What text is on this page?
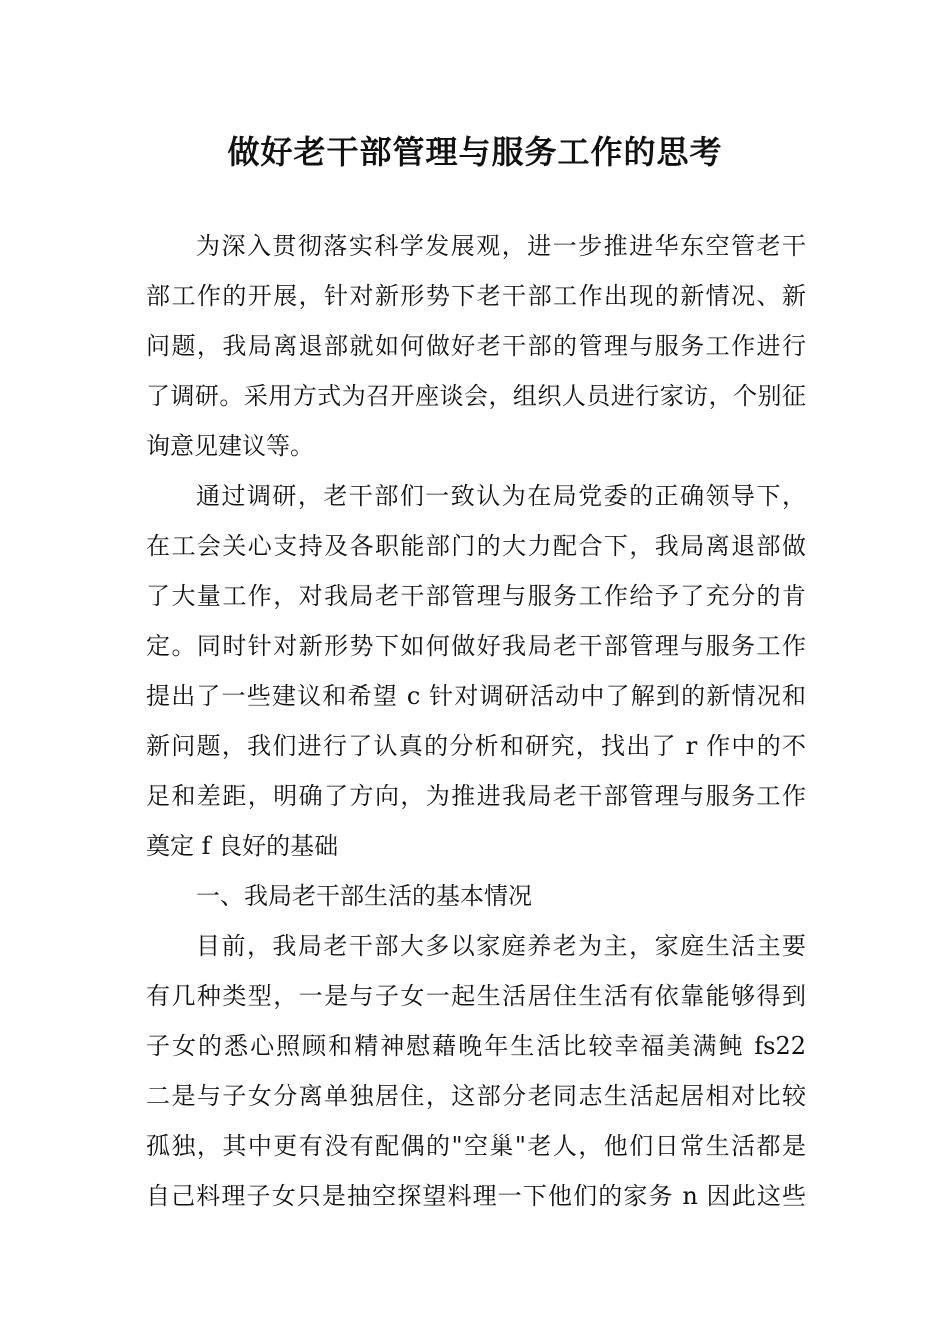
做好老干部管理与服务工作的思考
为深入贯彻落实科学发展观，进一步推进华东空管老干
部工作的开展，针对新形势下老干部工作出现的新情况、新
问题，我局离退部就如何做好老干部的管理与服务工作进行
了调研。采用方式为召开座谈会，组织人员进行家访，个别征
询意见建议等。
通过调研，老干部们一致认为在局党委的正确领导下，
在工会关心支持及各职能部门的大力配合下，我局离退部做
了大量工作，对我局老干部管理与服务工作给予了充分的肯
定。同时针对新形势下如何做好我局老干部管理与服务工作
提出了一些建议和希望 c 针对调研活动中了解到的新情况和
新问题，我们进行了认真的分析和研究，找出了 r 作中的不
足和差距，明确了方向，为推进我局老干部管理与服务工作
奠定 f 良好的基础
一、我局老干部生活的基本情况
目前，我局老干部大多以家庭养老为主，家庭生活主要
有几种类型，一是与子女一起生活居住生活有依靠能够得到
子女的悉心照顾和精神慰藉晚年生活比较幸福美满鲀 fs22
二是与子女分离单独居住，这部分老同志生活起居相对比较
孤独，其中更有没有配偶的"空巢"老人，他们日常生活都是
自己料理子女只是抽空探望料理一下他们的家务 n 因此这些
